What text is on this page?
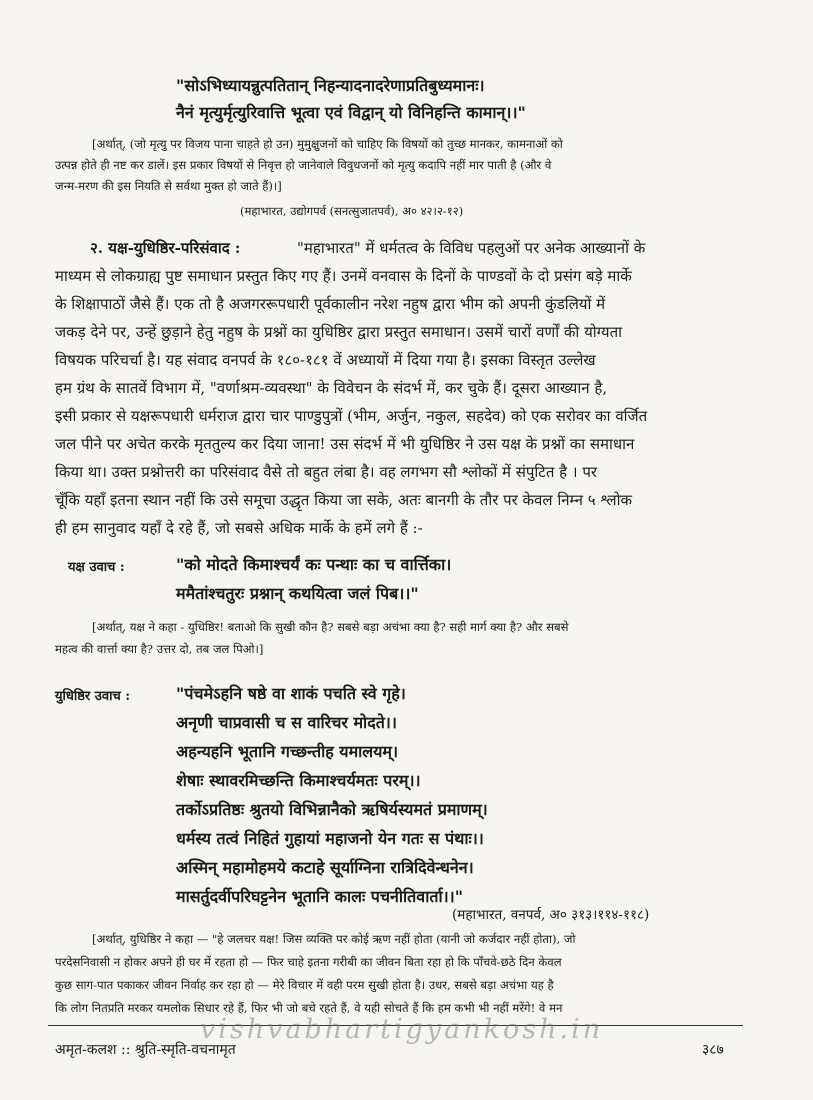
"सोऽभिध्यायन्नुत्पतितान् निहन्यादनादरेणाप्रतिबुध्यमानः।
नैनं मृत्युर्मृत्युरिवात्ति भूत्वा एवं विद्वान् यो विनिहन्ति कामान्।।"
[अर्थात्, (जो मृत्यु पर विजय पाना चाहते हो उन) मुमुक्षुजनों को चाहिए कि विषयों को तुच्छ मानकर, कामनाओं को
उत्पन्न होते ही नष्ट कर डालें। इस प्रकार विषयों से निवृत्त हो जानेवाले विवुधजनों को मृत्यु कदापि नहीं मार पाती है (और वे
जन्म-मरण की इस नियति से सर्वथा मुक्त हो जाते हैं)।]
(महाभारत, उद्योगपर्व (सनत्सुजातपर्व), अ० ४२।२-१२)
२. यक्ष-युधिष्ठिर-परिसंवाद :	"महाभारत" में धर्मतत्व के विविध पहलुओं पर अनेक आख्यानों के
माध्यम से लोकग्राह्य पुष्ट समाधान प्रस्तुत किए गए हैं। उनमें वनवास के दिनों के पाण्डवों के दो प्रसंग बड़े मार्के
के शिक्षापाठों जैसे हैं। एक तो है अजगररूपधारी पूर्वकालीन नरेश नहुष द्वारा भीम को अपनी कुंडलियों में
जकड़ देने पर, उन्हें छुड़ाने हेतु नहुष के प्रश्नों का युधिष्ठिर द्वारा प्रस्तुत समाधान। उसमें चारों वर्णों की योग्यता
विषयक परिचर्चा है। यह संवाद वनपर्व के १८०-१८१ वें अध्यायों में दिया गया है। इसका विस्तृत उल्लेख
हम ग्रंथ के सातवें विभाग में, "वर्णाश्रम-व्यवस्था" के विवेचन के संदर्भ में, कर चुके हैं। दूसरा आख्यान है,
इसी प्रकार से यक्षरूपधारी धर्मराज द्वारा चार पाण्डुपुत्रों (भीम, अर्जुन, नकुल, सहदेव) को एक सरोवर का वर्जित
जल पीने पर अचेत करके मृततुल्य कर दिया जाना! उस संदर्भ में भी युधिष्ठिर ने उस यक्ष के प्रश्नों का समाधान
किया था। उक्त प्रश्नोत्तरी का परिसंवाद वैसे तो बहुत लंबा है। वह लगभग सौ श्लोकों में संपुटित है । पर
चूँकि यहाँ इतना स्थान नहीं कि उसे समूचा उद्धृत किया जा सके, अतः बानगी के तौर पर केवल निम्न ५ श्लोक
ही हम सानुवाद यहाँ दे रहे हैं, जो सबसे अधिक मार्के के हमें लगे हैं :-
यक्ष उवाच :	"को मोदते किमाश्चर्यं कः पन्थाः का च वार्त्तिका।
ममैतांश्चतुरः प्रश्नान् कथयित्वा जलं पिब।।"
[अर्थात्, यक्ष ने कहा - युधिष्ठिर! बताओ कि सुखी कौन है? सबसे बड़ा अचंभा क्या है? सही मार्ग क्या है? और सबसे
महत्व की वार्त्ता क्या है? उत्तर दो, तब जल पिओ।]
युधिष्ठिर उवाच :	"पंचमेऽहनि षष्ठे वा शाकं पचति स्वे गृहे।
अनृणी चाप्रवासी च स वारिचर मोदते।।
अहन्यहनि भूतानि गच्छन्तीह यमालयम्।
शेषाः स्थावरमिच्छन्ति किमाश्चर्यमतः परम्।।
तर्कोऽप्रतिष्ठः श्रुतयो विभिन्नानैको ऋषिर्यस्यमतं प्रमाणम्।
धर्मस्य तत्वं निहितं गुहायां महाजनो येन गतः स पंथाः।।
अस्मिन् महामोहमये कटाहे सूर्याग्निना रात्रिदिवेन्धनेन।
मासर्तुदर्वीपरिघट्टनेन भूतानि कालः पचनीतिवार्ता।।"
(महाभारत, वनपर्व, अ० ३१३।११४-११८)
[अर्थात्, युधिष्ठिर ने कहा — "हे जलचर यक्ष! जिस व्यक्ति पर कोई ऋण नहीं होता (यानी जो कर्जदार नहीं होता), जो
परदेसनिवासी न होकर अपने ही घर में रहता हो — फिर चाहे इतना गरीबी का जीवन बिता रहा हो कि पाँचवे-छठे दिन केवल
कुछ साग-पात पकाकर जीवन निर्वाह कर रहा हो — मेरे विचार में वही परम सुखी होता है। उधर, सबसे बड़ा अचंभा यह है
कि लोग नितप्रति मरकर यमलोक सिधार रहे हैं, फिर भी जो बचे रहते हैं, वे यही सोचते हैं कि हम कभी भी नहीं मरेंगे! वे मन
अमृत-कलश :: श्रुति-स्मृति-वचनामृत	३८७
vishvabhartigyankosh.in
